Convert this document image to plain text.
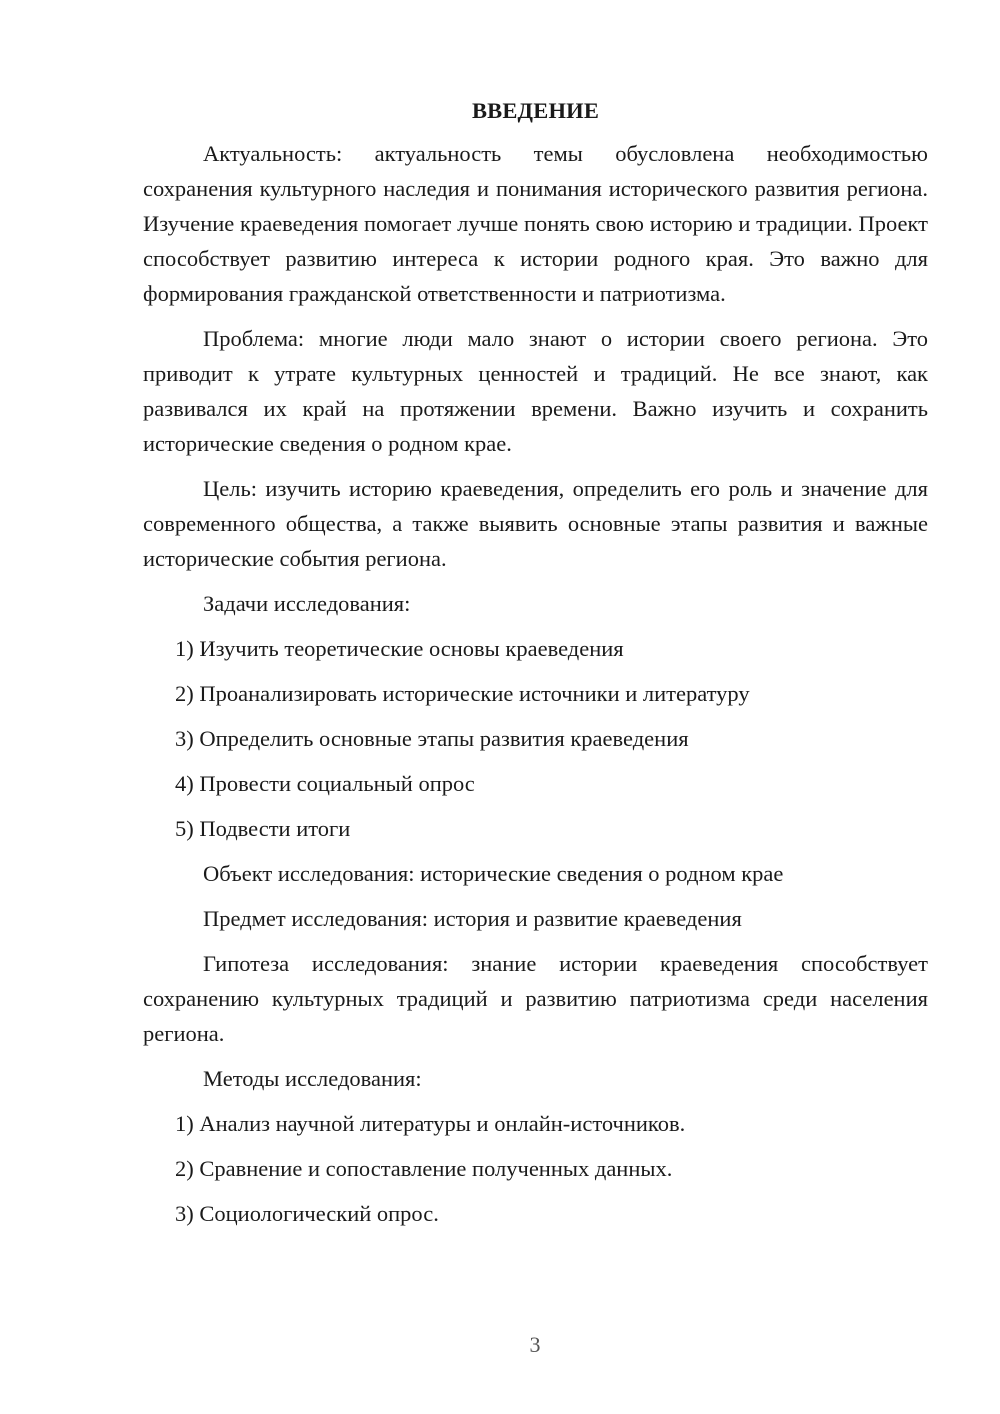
ВВЕДЕНИЕ
Актуальность: актуальность темы обусловлена необходимостью сохранения культурного наследия и понимания исторического развития региона. Изучение краеведения помогает лучше понять свою историю и традиции. Проект способствует развитию интереса к истории родного края. Это важно для формирования гражданской ответственности и патриотизма.
Проблема: многие люди мало знают о истории своего региона. Это приводит к утрате культурных ценностей и традиций. Не все знают, как развивался их край на протяжении времени. Важно изучить и сохранить исторические сведения о родном крае.
Цель: изучить историю краеведения, определить его роль и значение для современного общества, а также выявить основные этапы развития и важные исторические события региона.
Задачи исследования:
1) Изучить теоретические основы краеведения
2) Проанализировать исторические источники и литературу
3) Определить основные этапы развития краеведения
4) Провести социальный опрос
5) Подвести итоги
Объект исследования: исторические сведения о родном крае
Предмет исследования: история и развитие краеведения
Гипотеза исследования: знание истории краеведения способствует сохранению культурных традиций и развитию патриотизма среди населения региона.
Методы исследования:
1) Анализ научной литературы и онлайн-источников.
2) Сравнение и сопоставление полученных данных.
3) Социологический опрос.
3
